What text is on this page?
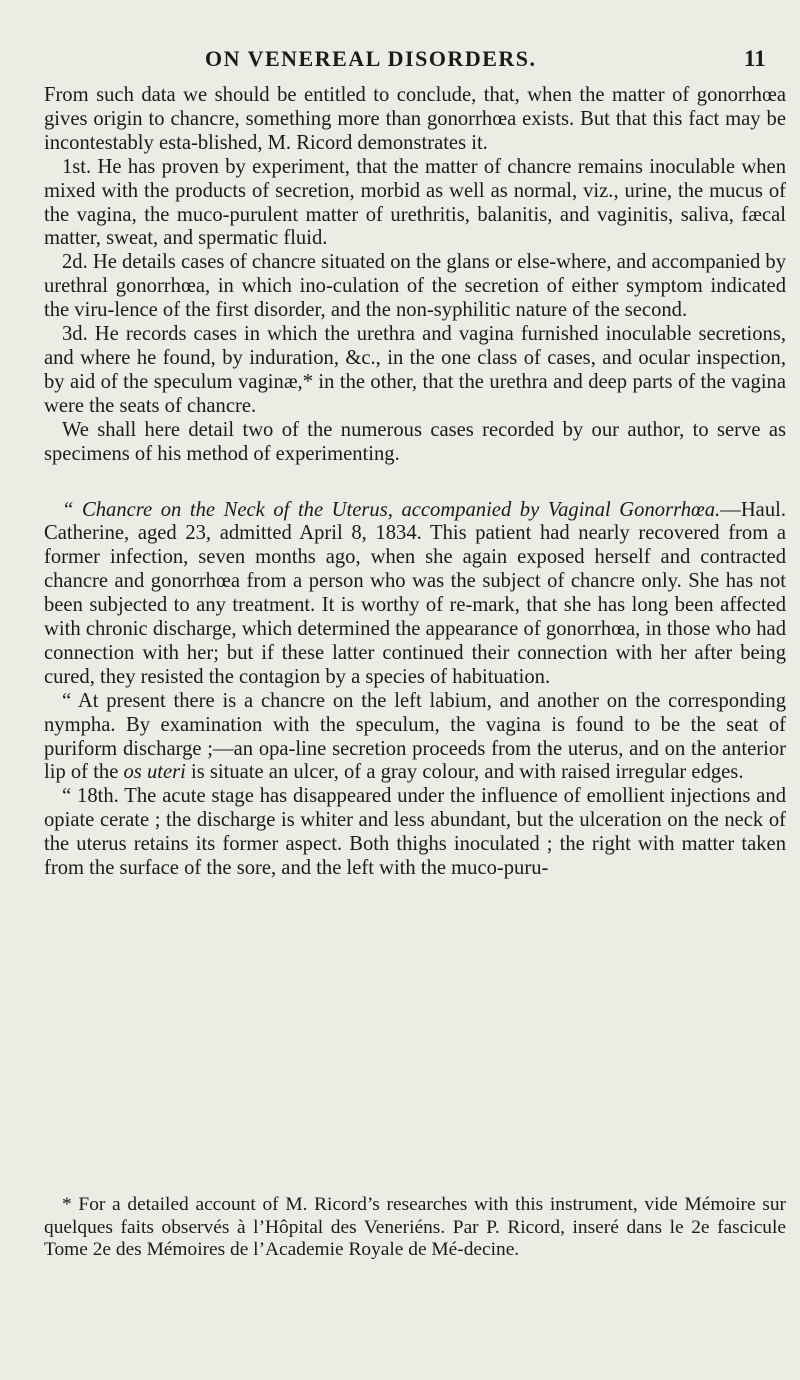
ON VENEREAL DISORDERS.	11

From such data we should be entitled to conclude, that, when the matter of gonorrhœa gives origin to chancre, something more than gonorrhœa exists. But that this fact may be incontestably esta-blished, M. Ricord demonstrates it.

1st. He has proven by experiment, that the matter of chancre remains inoculable when mixed with the products of secretion, morbid as well as normal, viz., urine, the mucus of the vagina, the muco-purulent matter of urethritis, balanitis, and vaginitis, saliva, fæcal matter, sweat, and spermatic fluid.

2d. He details cases of chancre situated on the glans or else-where, and accompanied by urethral gonorrhœa, in which ino-culation of the secretion of either symptom indicated the viru-lence of the first disorder, and the non-syphilitic nature of the second.

3d. He records cases in which the urethra and vagina furnished inoculable secretions, and where he found, by induration, &c., in the one class of cases, and ocular inspection, by aid of the speculum vaginæ,* in the other, that the urethra and deep parts of the vagina were the seats of chancre.

We shall here detail two of the numerous cases recorded by our author, to serve as specimens of his method of experimenting.

“ Chancre on the Neck of the Uterus, accompanied by Vaginal Gonorrhœa.—Haul. Catherine, aged 23, admitted April 8, 1834. This patient had nearly recovered from a former infection, seven months ago, when she again exposed herself and contracted chancre and gonorrhœa from a person who was the subject of chancre only. She has not been subjected to any treatment. It is worthy of re-mark, that she has long been affected with chronic discharge, which determined the appearance of gonorrhœa, in those who had connection with her; but if these latter continued their connection with her after being cured, they resisted the contagion by a species of habituation.

“ At present there is a chancre on the left labium, and another on the corresponding nympha. By examination with the speculum, the vagina is found to be the seat of puriform discharge ;—an opa-line secretion proceeds from the uterus, and on the anterior lip of the os uteri is situate an ulcer, of a gray colour, and with raised irregular edges.

“ 18th. The acute stage has disappeared under the influence of emollient injections and opiate cerate ; the discharge is whiter and less abundant, but the ulceration on the neck of the uterus retains its former aspect. Both thighs inoculated ; the right with matter taken from the surface of the sore, and the left with the muco-puru-

* For a detailed account of M. Ricord’s researches with this instrument, vide Mémoire sur quelques faits observés à l’Hôpital des Veneriéns. Par P. Ricord, inseré dans le 2e fascicule Tome 2e des Mémoires de l’Academie Royale de Mé-decine.
